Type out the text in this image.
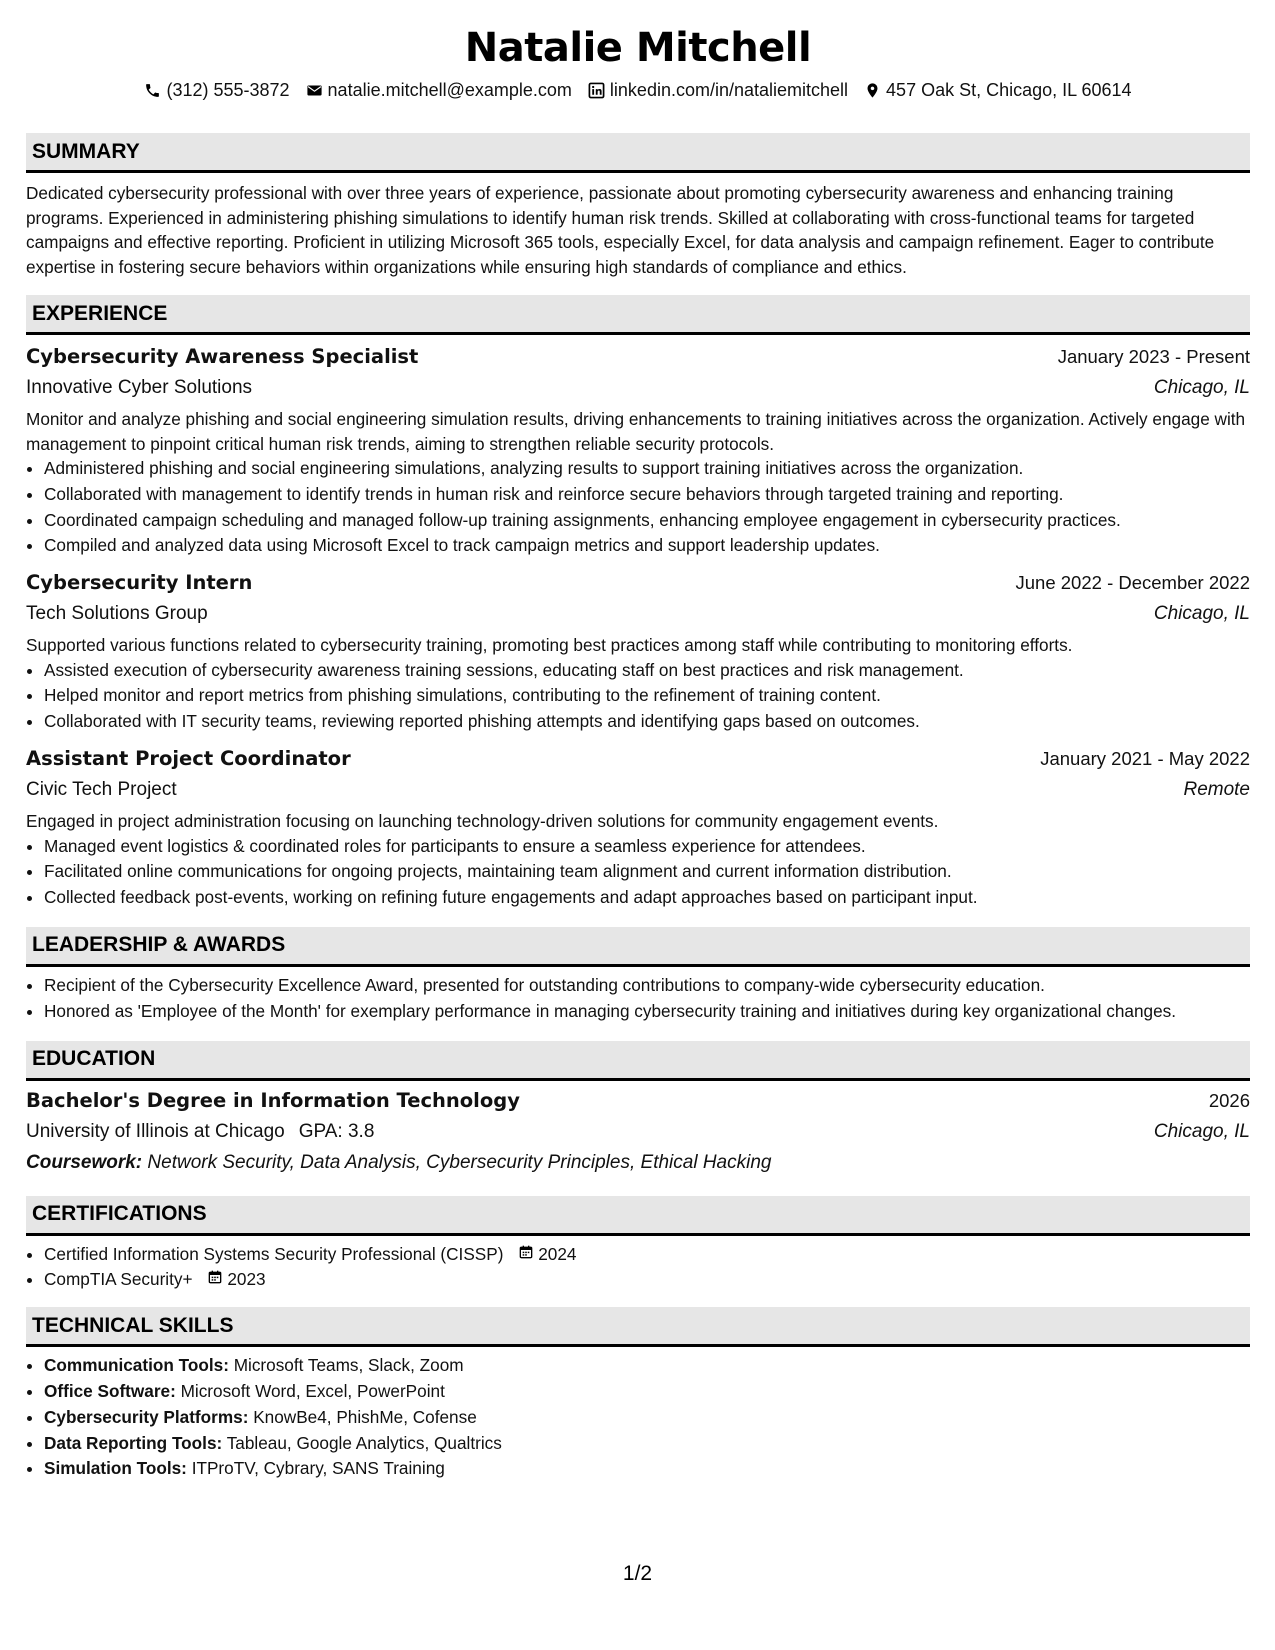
Natalie Mitchell
(312) 555-3872 natalie.mitchell@example.com linkedin.com/in/nataliemitchell 457 Oak St, Chicago, IL 60614
SUMMARY
Dedicated cybersecurity professional with over three years of experience, passionate about promoting cybersecurity awareness and enhancing training programs. Experienced in administering phishing simulations to identify human risk trends. Skilled at collaborating with cross-functional teams for targeted campaigns and effective reporting. Proficient in utilizing Microsoft 365 tools, especially Excel, for data analysis and campaign refinement. Eager to contribute expertise in fostering secure behaviors within organizations while ensuring high standards of compliance and ethics.
EXPERIENCE
Cybersecurity Awareness Specialist	January 2023 - Present
Innovative Cyber Solutions	Chicago, IL
Monitor and analyze phishing and social engineering simulation results, driving enhancements to training initiatives across the organization. Actively engage with management to pinpoint critical human risk trends, aiming to strengthen reliable security protocols.
• Administered phishing and social engineering simulations, analyzing results to support training initiatives across the organization.
• Collaborated with management to identify trends in human risk and reinforce secure behaviors through targeted training and reporting.
• Coordinated campaign scheduling and managed follow-up training assignments, enhancing employee engagement in cybersecurity practices.
• Compiled and analyzed data using Microsoft Excel to track campaign metrics and support leadership updates.
Cybersecurity Intern	June 2022 - December 2022
Tech Solutions Group	Chicago, IL
Supported various functions related to cybersecurity training, promoting best practices among staff while contributing to monitoring efforts.
• Assisted execution of cybersecurity awareness training sessions, educating staff on best practices and risk management.
• Helped monitor and report metrics from phishing simulations, contributing to the refinement of training content.
• Collaborated with IT security teams, reviewing reported phishing attempts and identifying gaps based on outcomes.
Assistant Project Coordinator	January 2021 - May 2022
Civic Tech Project	Remote
Engaged in project administration focusing on launching technology-driven solutions for community engagement events.
• Managed event logistics & coordinated roles for participants to ensure a seamless experience for attendees.
• Facilitated online communications for ongoing projects, maintaining team alignment and current information distribution.
• Collected feedback post-events, working on refining future engagements and adapt approaches based on participant input.
LEADERSHIP & AWARDS
• Recipient of the Cybersecurity Excellence Award, presented for outstanding contributions to company-wide cybersecurity education.
• Honored as 'Employee of the Month' for exemplary performance in managing cybersecurity training and initiatives during key organizational changes.
EDUCATION
Bachelor's Degree in Information Technology	2026
University of Illinois at Chicago GPA: 3.8	Chicago, IL
Coursework: Network Security, Data Analysis, Cybersecurity Principles, Ethical Hacking
CERTIFICATIONS
• Certified Information Systems Security Professional (CISSP) 2024
• CompTIA Security+ 2023
TECHNICAL SKILLS
• Communication Tools: Microsoft Teams, Slack, Zoom
• Office Software: Microsoft Word, Excel, PowerPoint
• Cybersecurity Platforms: KnowBe4, PhishMe, Cofense
• Data Reporting Tools: Tableau, Google Analytics, Qualtrics
• Simulation Tools: ITProTV, Cybrary, SANS Training
1/2
